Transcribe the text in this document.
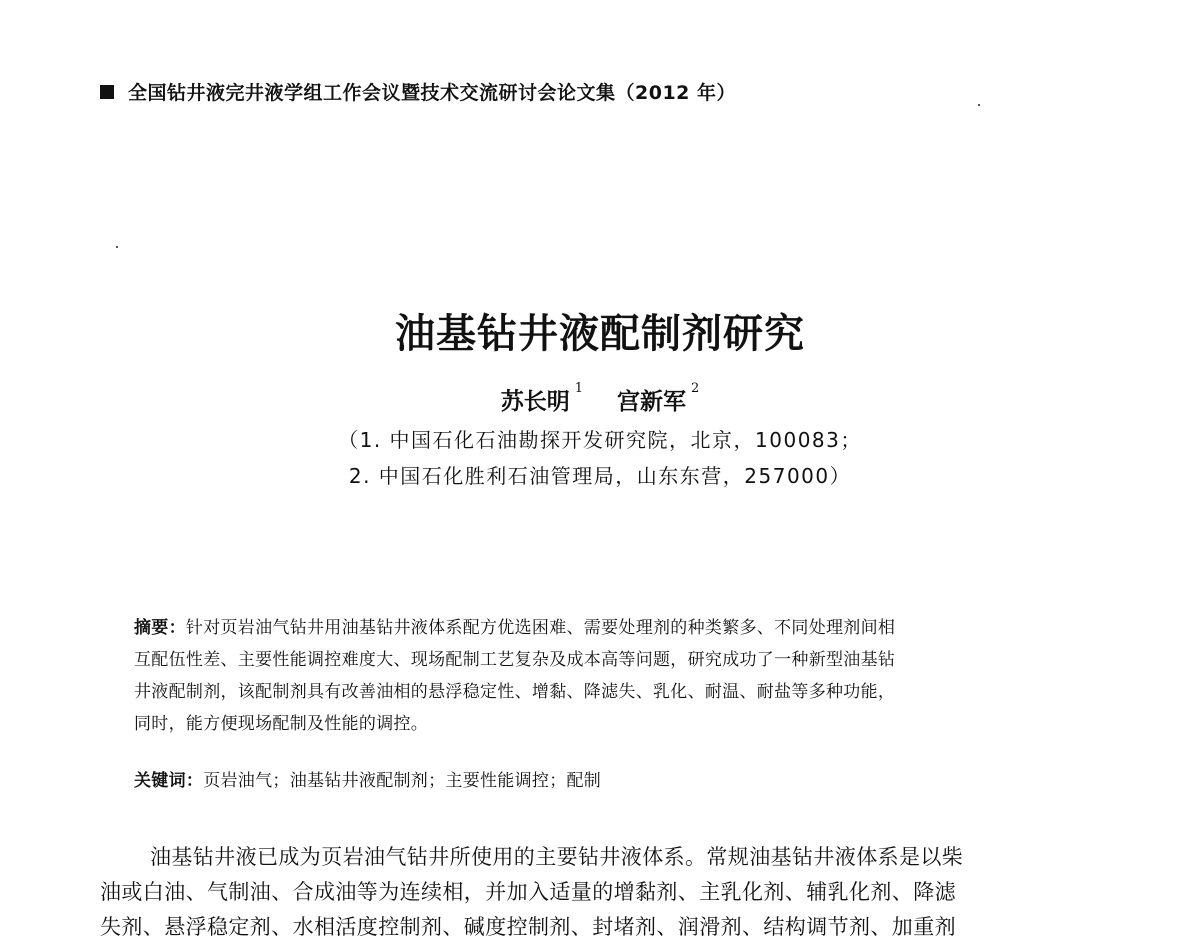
全国钻井液完井液学组工作会议暨技术交流研讨会论文集（2012 年）
油基钻井液配制剂研究
苏长明 $^1$ 宫新军 $^2$
（1. 中国石化石油勘探开发研究院，北京，100083；
2. 中国石化胜利石油管理局，山东东营，257000）
摘要：针对页岩油气钻井用油基钻井液体系配方优选困难、需要处理剂的种类繁多、不同处理剂间相
互配伍性差、主要性能调控难度大、现场配制工艺复杂及成本高等问题，研究成功了一种新型油基钻
井液配制剂，该配制剂具有改善油相的悬浮稳定性、增黏、降滤失、乳化、耐温、耐盐等多种功能，
同时，能方便现场配制及性能的调控。
关键词：页岩油气；油基钻井液配制剂；主要性能调控；配制
油基钻井液已成为页岩油气钻井所使用的主要钻井液体系。常规油基钻井液体系是以柴
油或白油、气制油、合成油等为连续相，并加入适量的增黏剂、主乳化剂、辅乳化剂、降滤
失剂、悬浮稳定剂、水相活度控制剂、碱度控制剂、封堵剂、润滑剂、结构调节剂、加重剂
